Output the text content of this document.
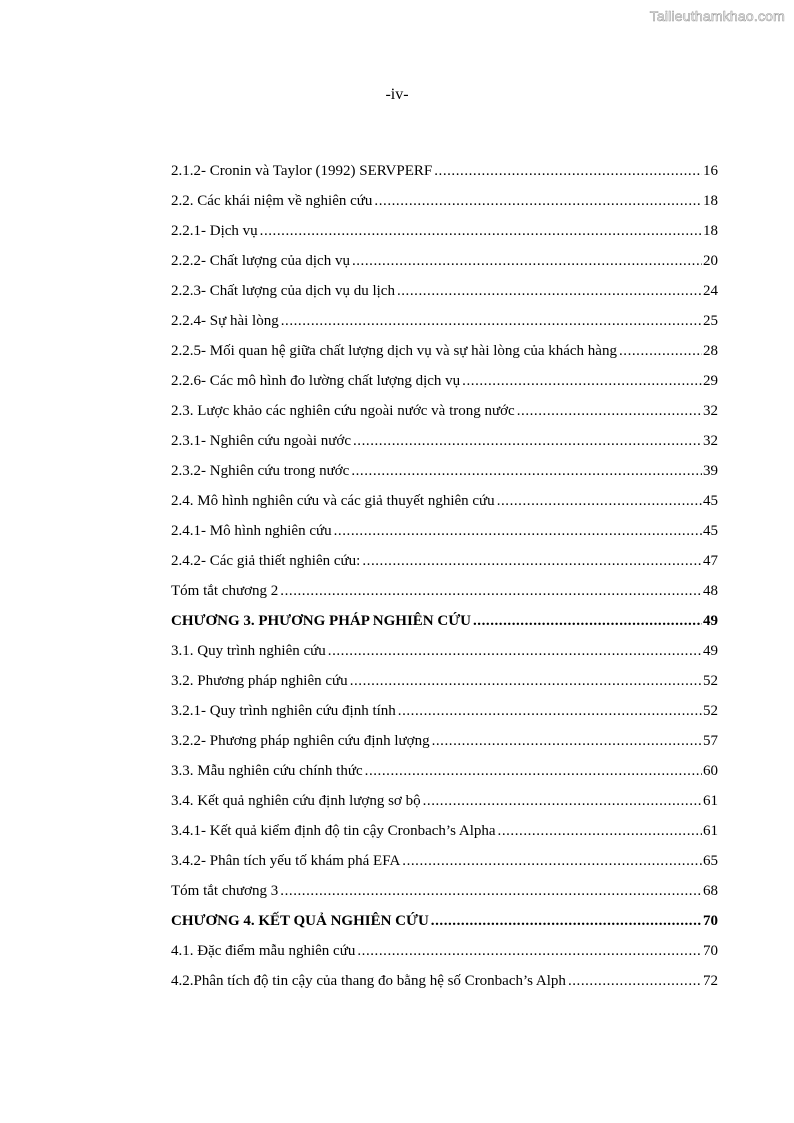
Tailieuthamkhao.com
-iv-
2.1.2- Cronin và Taylor (1992) SERVPERF .....	16
2.2. Các khái niệm về nghiên cứu .....	18
2.2.1- Dịch vụ .....	18
2.2.2- Chất lượng của dịch vụ .....	20
2.2.3- Chất lượng của dịch vụ du lịch .....	24
2.2.4- Sự hài lòng .....	25
2.2.5- Mối quan hệ giữa chất lượng dịch vụ và sự hài lòng của khách hàng .....	28
2.2.6- Các mô hình đo lường chất lượng dịch vụ .....	29
2.3. Lược khảo các nghiên cứu ngoài nước và trong nước .....	32
2.3.1- Nghiên cứu ngoài nước .....	32
2.3.2- Nghiên cứu trong nước .....	39
2.4. Mô hình nghiên cứu và các giả thuyết nghiên cứu .....	45
2.4.1- Mô hình nghiên cứu .....	45
2.4.2- Các giả thiết nghiên cứu: .....	47
Tóm tắt chương 2 .....	48
CHƯƠNG 3. PHƯƠNG PHÁP NGHIÊN CỨU .....	49
3.1. Quy trình nghiên cứu .....	49
3.2. Phương pháp nghiên cứu .....	52
3.2.1- Quy trình nghiên cứu định tính .....	52
3.2.2- Phương pháp nghiên cứu định lượng .....	57
3.3. Mẫu nghiên cứu chính thức .....	60
3.4. Kết quả nghiên cứu định lượng sơ bộ .....	61
3.4.1- Kết quả kiểm định độ tin cậy Cronbach’s Alpha .....	61
3.4.2- Phân tích yếu tố khám phá EFA .....	65
Tóm tắt chương 3 .....	68
CHƯƠNG 4. KẾT QUẢ NGHIÊN CỨU .....	70
4.1. Đặc điểm mẫu nghiên cứu .....	70
4.2.Phân tích độ tin cậy của thang đo bằng hệ số Cronbach’s Alph .....	72
